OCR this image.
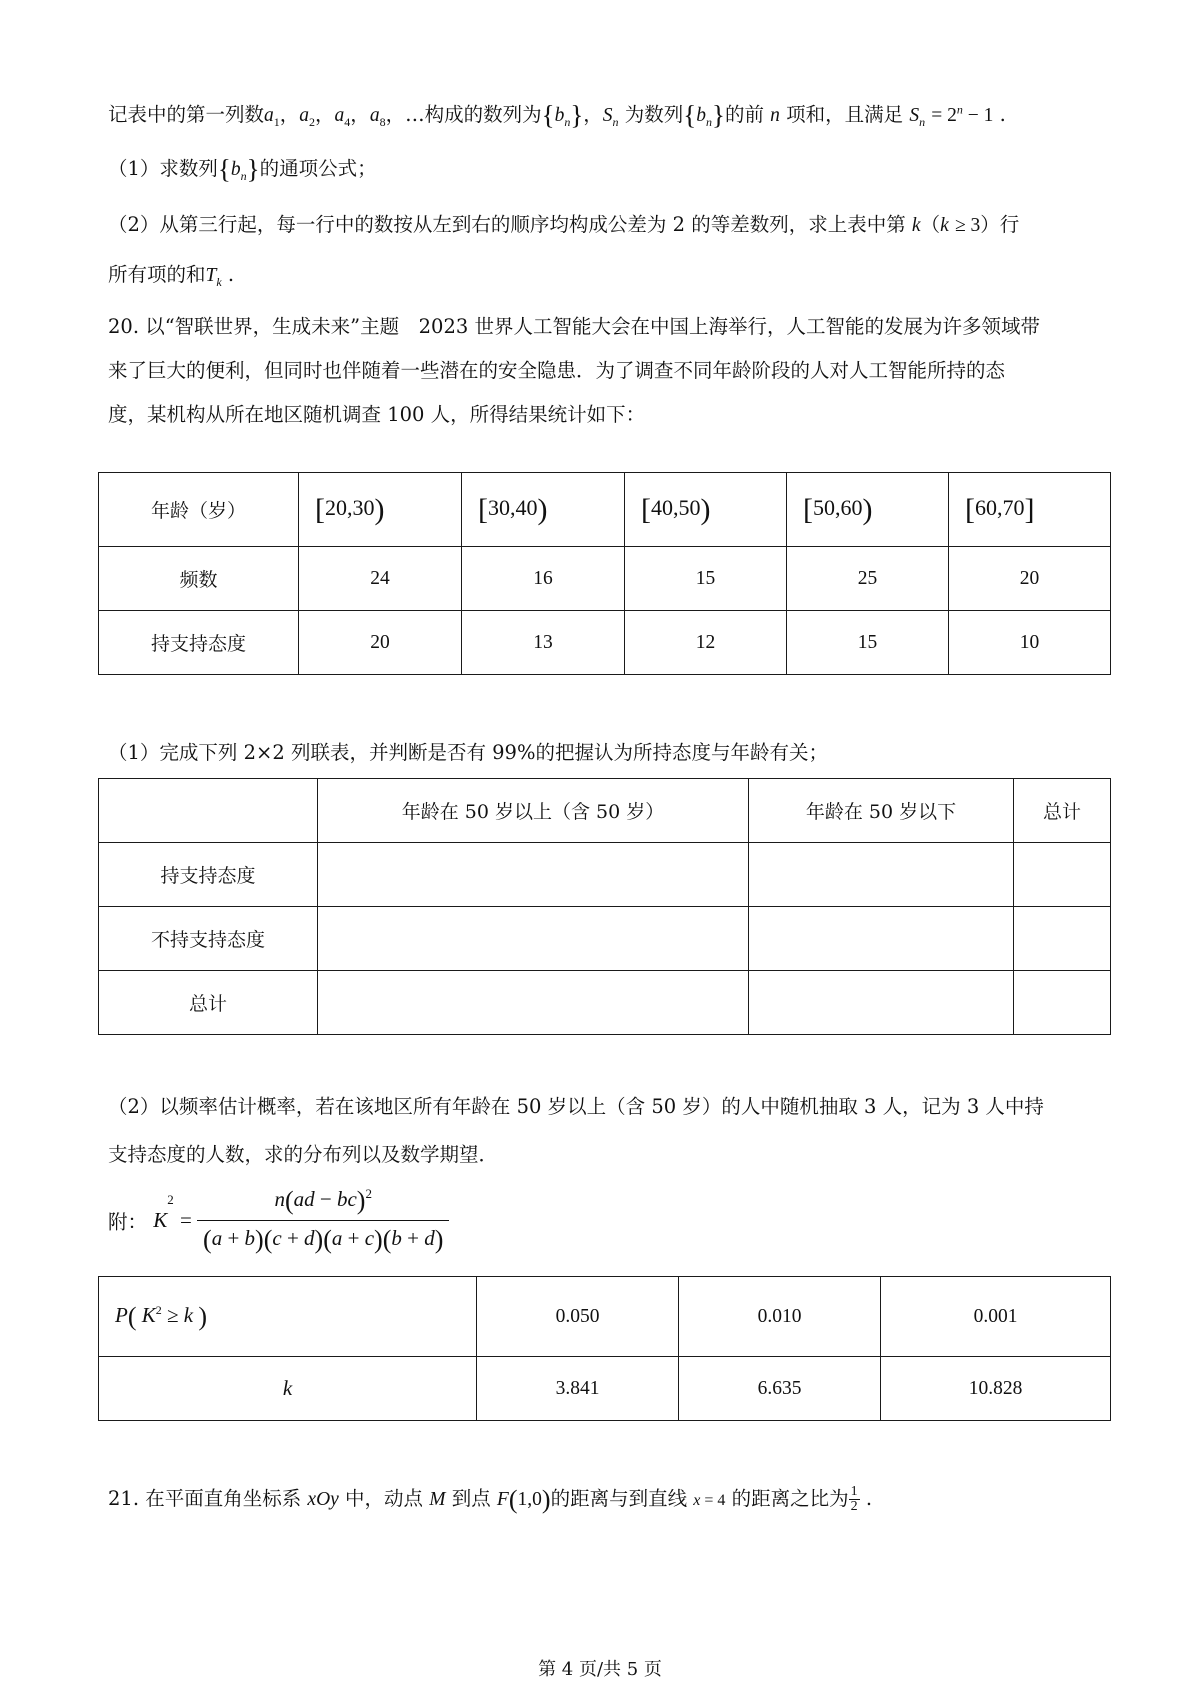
记表中的第一列数$a_1$，$a_2$，$a_4$，$a_8$，…构成的数列为$\{b_n\}$，$S_n$ 为数列$\{b_n\}$的前 n 项和，且满足 $S_n = 2^n - 1$ .
（1）求数列$\{b_n\}$的通项公式；
（2）从第三行起，每一行中的数按从左到右的顺序均构成公差为 2 的等差数列，求上表中第 k（k ≥ 3）行
所有项的和$T_k$ .
20. 以“智联世界，生成未来”主题　2023 世界人工智能大会在中国上海举行，人工智能的发展为许多领域带
来了巨大的便利，但同时也伴随着一些潜在的安全隐患．为了调查不同年龄阶段的人对人工智能所持的态
度，某机构从所在地区随机调查 100 人，所得结果统计如下：
年龄（岁）	[20,30)	[30,40)	[40,50)	[50,60)	[60,70]
频数	24	16	15	25	20
持支持态度	20	13	12	15	10
（1）完成下列 2×2 列联表，并判断是否有 99%的把握认为所持态度与年龄有关；
	年龄在 50 岁以上（含 50 岁）	年龄在 50 岁以下	总计
持支持态度			
不持支持态度			
总计			
（2）以频率估计概率，若在该地区所有年龄在 50 岁以上（含 50 岁）的人中随机抽取 3 人，记为 3 人中持
支持态度的人数，求的分布列以及数学期望．
附： $K^2 = \frac{n(ad - bc)^2}{(a + b)(c + d)(a + c)(b + d)}$
P( $K^2 \ge k$ )	0.050	0.010	0.001
k	3.841	6.635	10.828
21. 在平面直角坐标系 xOy 中，动点 M 到点 F(1,0)的距离与到直线 x = 4 的距离之比为 $\frac{1}{2}$ .
第 4 页/共 5 页
